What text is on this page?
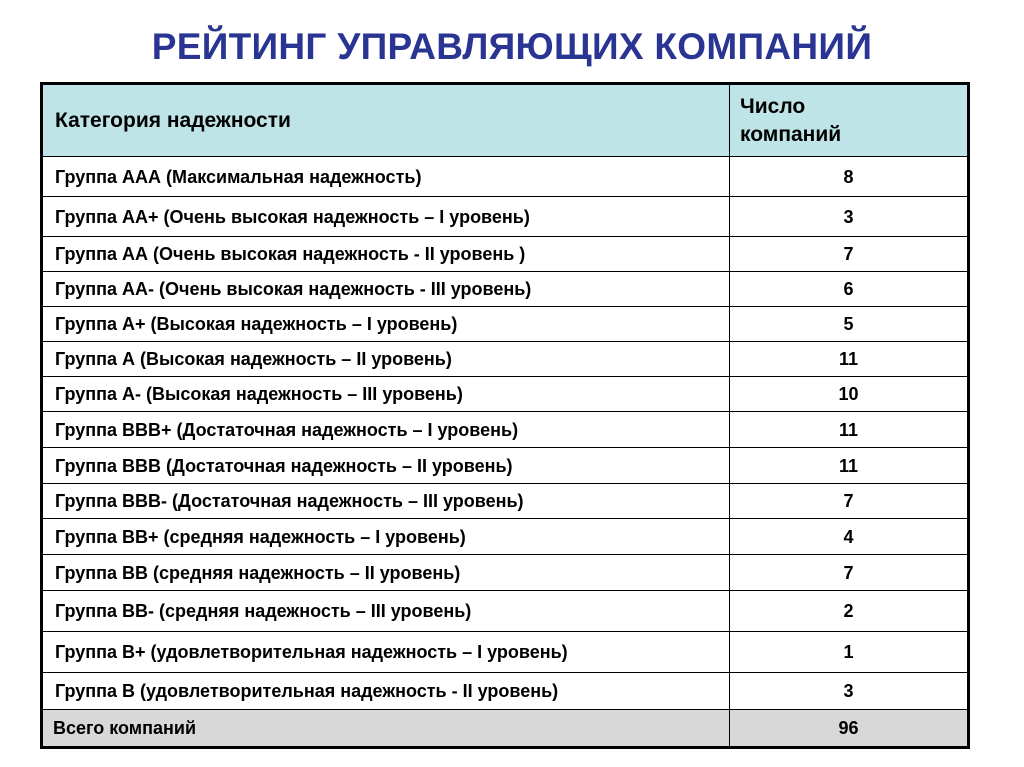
РЕЙТИНГ УПРАВЛЯЮЩИХ КОМПАНИЙ
Категория надежности	Число
компаний
Группа ААА (Максимальная надежность)	8
Группа АА+ (Очень высокая надежность – I уровень)	3
Группа АА (Очень высокая надежность - II уровень )	7
Группа АА- (Очень высокая надежность - III уровень)	6
Группа А+ (Высокая надежность – I уровень)	5
Группа А (Высокая надежность – II уровень)	11
Группа А- (Высокая надежность – III уровень)	10
Группа ВВВ+ (Достаточная надежность – I уровень)	11
Группа ВВВ (Достаточная надежность – II уровень)	11
Группа ВВВ- (Достаточная надежность – III уровень)	7
Группа ВВ+ (средняя надежность – I уровень)	4
Группа ВВ (средняя надежность – II уровень)	7
Группа ВВ- (средняя надежность – III уровень)	2
Группа В+ (удовлетворительная надежность – I уровень)	1
Группа В (удовлетворительная надежность - II уровень)	3
Всего компаний	96
